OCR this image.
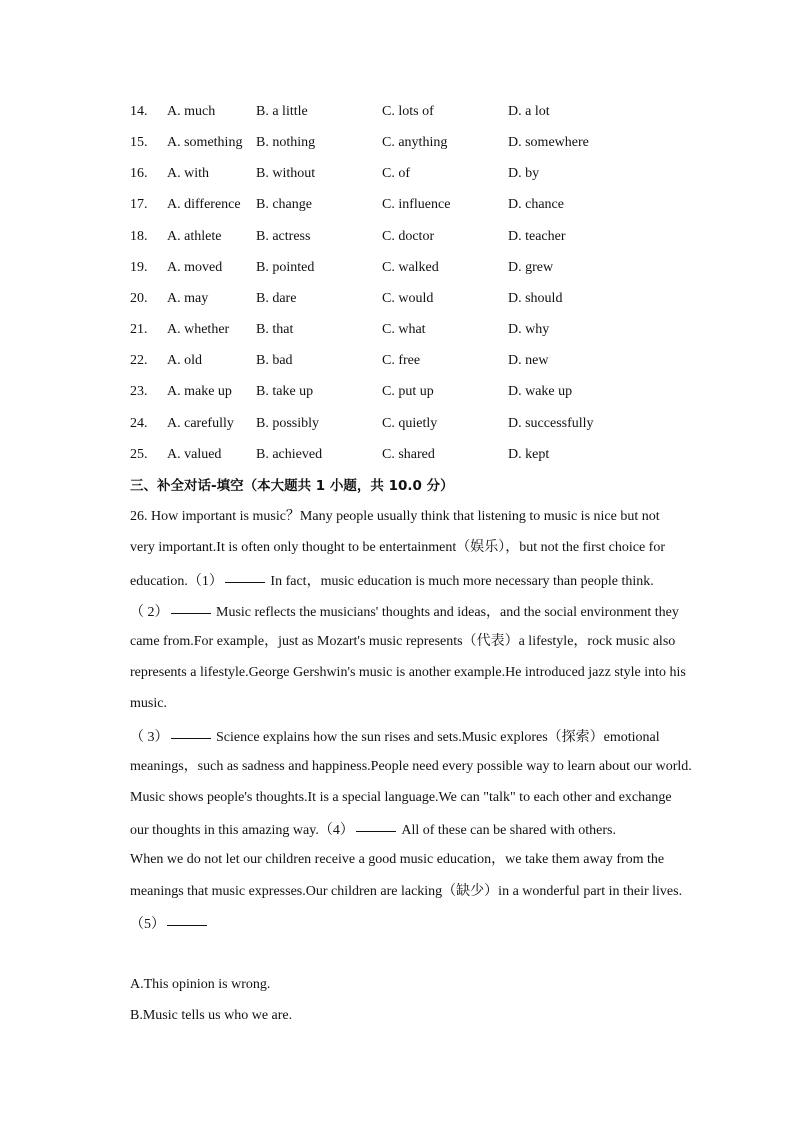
14. A. much	B. a little	C. lots of	D. a lot
15. A. something B. nothing	C. anything	D. somewhere
16. A. with	B. without	C. of	D. by
17. A. difference B. change	C. influence	D. chance
18. A. athlete B. actress	C. doctor	D. teacher
19. A. moved B. pointed	C. walked	D. grew
20. A. may	B. dare	C. would	D. should
21. A. whether B. that	C. what	D. why
22. A. old	B. bad	C. free	D. new
23. A. make up B. take up	C. put up	D. wake up
24. A. carefully B. possibly	C. quietly	D. successfully
25. A. valued B. achieved	C. shared	D. kept
三、补全对话-填空（本大题共 1 小题，共 10.0 分）
26. How important is music？Many people usually think that listening to music is nice but not
very important.It is often only thought to be entertainment（娱乐），but not the first choice for
education.（1）	In fact，music education is much more necessary than people think.
（ 2）	Music reflects the musicians' thoughts and ideas，and the social environment they
came from.For example，just as Mozart's music represents（代表）a lifestyle，rock music also
represents a lifestyle.George Gershwin's music is another example.He introduced jazz style into his
music.
（ 3）	Science explains how the sun rises and sets.Music explores（探索）emotional
meanings，such as sadness and happiness.People need every possible way to learn about our world.
Music shows people's thoughts.It is a special language.We can "talk" to each other and exchange
our thoughts in this amazing way.（4）	All of these can be shared with others.
When we do not let our children receive a good music education，we take them away from the
meanings that music expresses.Our children are lacking（缺少）in a wonderful part in their lives.
（5）
A.This opinion is wrong.
B.Music tells us who we are.
